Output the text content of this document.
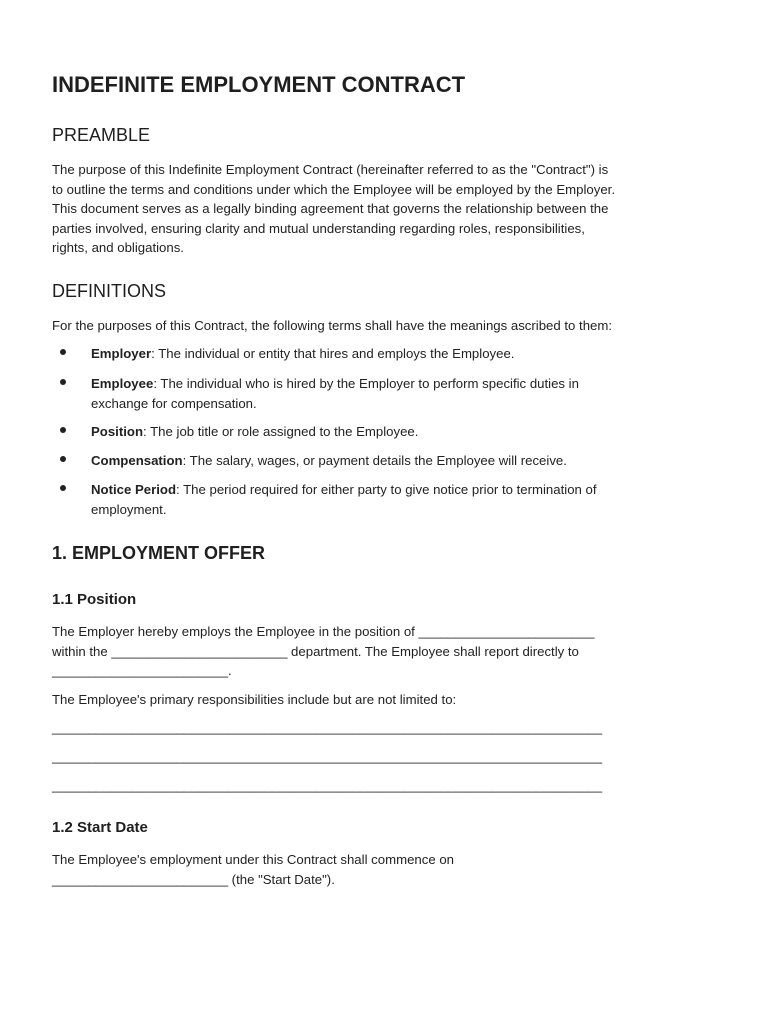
INDEFINITE EMPLOYMENT CONTRACT
PREAMBLE
The purpose of this Indefinite Employment Contract (hereinafter referred to as the "Contract") is
to outline the terms and conditions under which the Employee will be employed by the Employer.
This document serves as a legally binding agreement that governs the relationship between the
parties involved, ensuring clarity and mutual understanding regarding roles, responsibilities,
rights, and obligations.
DEFINITIONS
For the purposes of this Contract, the following terms shall have the meanings ascribed to them:
Employer: The individual or entity that hires and employs the Employee.
Employee: The individual who is hired by the Employer to perform specific duties in
exchange for compensation.
Position: The job title or role assigned to the Employee.
Compensation: The salary, wages, or payment details the Employee will receive.
Notice Period: The period required for either party to give notice prior to termination of
employment.
1. EMPLOYMENT OFFER
1.1 Position
The Employer hereby employs the Employee in the position of ________________________
within the ________________________ department. The Employee shall report directly to
________________________.
The Employee's primary responsibilities include but are not limited to:
___________________________________________________________________________
___________________________________________________________________________
___________________________________________________________________________
1.2 Start Date
The Employee's employment under this Contract shall commence on
________________________ (the "Start Date").
